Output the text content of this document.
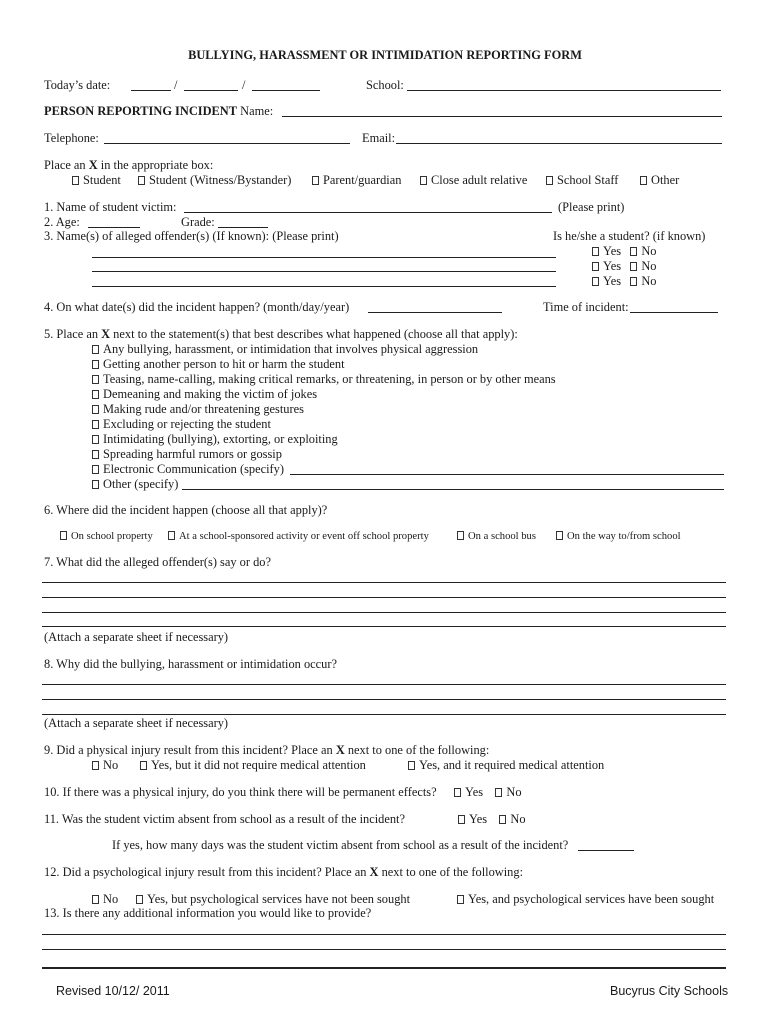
BULLYING, HARASSMENT OR INTIMIDATION REPORTING FORM
Today’s date:	/	/	School:
PERSON REPORTING INCIDENT Name:
Telephone:	Email:
Place an X in the appropriate box:
Student	Student (Witness/Bystander)	Parent/guardian	Close adult relative	School Staff	Other
1. Name of student victim:	(Please print)
2. Age:	Grade:
3. Name(s) of alleged offender(s) (If known): (Please print)	Is he/she a student? (if known)
Yes No
Yes No
Yes No
4. On what date(s) did the incident happen? (month/day/year)	Time of incident:
5. Place an X next to the statement(s) that best describes what happened (choose all that apply):
Any bullying, harassment, or intimidation that involves physical aggression
Getting another person to hit or harm the student
Teasing, name-calling, making critical remarks, or threatening, in person or by other means
Demeaning and making the victim of jokes
Making rude and/or threatening gestures
Excluding or rejecting the student
Intimidating (bullying), extorting, or exploiting
Spreading harmful rumors or gossip
Electronic Communication (specify)
Other (specify)
6. Where did the incident happen (choose all that apply)?
On school property	At a school-sponsored activity or event off school property	On a school bus	On the way to/from school
7. What did the alleged offender(s) say or do?
(Attach a separate sheet if necessary)
8. Why did the bullying, harassment or intimidation occur?
(Attach a separate sheet if necessary)
9. Did a physical injury result from this incident? Place an X next to one of the following:
No	Yes, but it did not require medical attention	Yes, and it required medical attention
10. If there was a physical injury, do you think there will be permanent effects?	Yes No
11. Was the student victim absent from school as a result of the incident?	Yes No
If yes, how many days was the student victim absent from school as a result of the incident?
12. Did a psychological injury result from this incident? Place an X next to one of the following:
No	Yes, but psychological services have not been sought	Yes, and psychological services have been sought
13. Is there any additional information you would like to provide?
Revised 10/12/ 2011	Bucyrus City Schools
